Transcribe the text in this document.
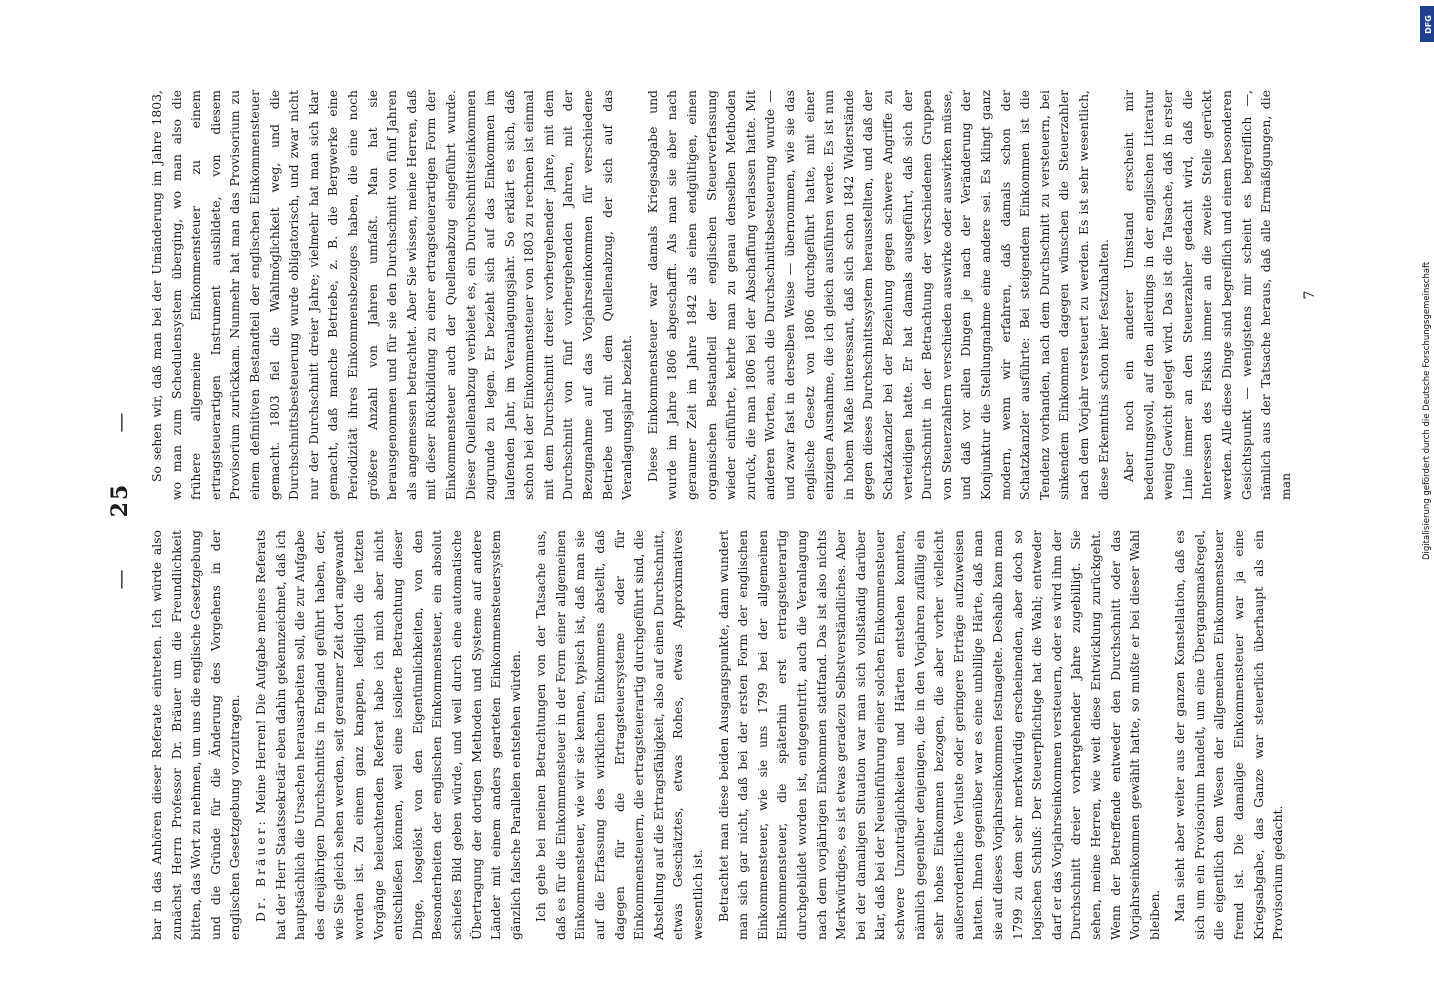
—      25      —

bar in das Anhören dieser Referate eintreten. Ich würde also zunächst Herrn Professor Dr. Bräuer um die Freundlichkeit bitten, das Wort zu nehmen, um uns die englische Gesetzgebung und die Gründe für die Änderung des Vorgehens in der englischen Gesetzgebung vorzutragen. Dr. Bräuer: Meine Herren! Die Aufgabe meines Referats hat der Herr Staatssekretär eben dahin gekennzeichnet, daß ich hauptsächlich die Ursachen herausarbeiten soll, die zur Aufgabe des dreijährigen Durchschnitts in England geführt haben, der, wie Sie gleich sehen werden, seit geraumer Zeit dort angewandt worden ist. Zu einem ganz knappen, lediglich die letzten Vorgänge beleuchtenden Referat habe ich mich aber nicht entschließen können, weil eine isolierte Betrachtung dieser Dinge, losgelöst von den Eigentümlichkeiten, von den Besonderheiten der englischen Einkommensteuer, ein absolut schiefes Bild geben würde, und weil durch eine automatische Übertragung der dortigen Methoden und Systeme auf andere Länder mit einem anders gearteten Einkommensteuersystem gänzlich falsche Parallelen entstehen würden. Ich gehe bei meinen Betrachtungen von der Tatsache aus, daß es für die Einkommensteuer in der Form einer allgemeinen Einkommensteuer, wie wir sie kennen, typisch ist, daß man sie auf die Erfassung des wirklichen Einkommens abstellt, daß dagegen für die Ertragsteuersysteme oder für Einkommensteuern, die ertragsteuerartig durchgeführt sind, die Abstellung auf die Ertragsfähigkeit, also auf einen Durchschnitt, etwas Geschätztes, etwas Rohes, etwas Approximatives wesentlich ist. Betrachtet man diese beiden Ausgangspunkte, dann wundert man sich gar nicht, daß bei der ersten Form der englischen Einkommensteuer, wie sie uns 1799 bei der allgemeinen Einkommensteuer, die späterhin erst ertragsteuerartig durchgebildet worden ist, entgegentritt, auch die Veranlagung nach dem vorjährigen Einkommen stattfand. Das ist also nichts Merkwürdiges, es ist etwas geradezu Selbstverständliches. Aber bei der damaligen Situation war man sich vollständig darüber klar, daß bei der Neueinführung einer solchen Einkommensteuer schwere Unzuträglichkeiten und Härten entstehen konnten, nämlich gegenüber denjenigen, die in den Vorjahren zufällig ein sehr hohes Einkommen bezogen, die aber vorher vielleicht außerordentliche Verluste oder geringere Erträge aufzuweisen hatten. Ihnen gegenüber war es eine unbillige Härte, daß man sie auf dieses Vorjahrseinkommen festnagelte. Deshalb kam man 1799 zu dem sehr merkwürdig erscheinenden, aber doch so logischen Schluß: Der Steuerpflichtige hat die Wahl; entweder darf er das Vorjahrseinkommen versteuern, oder es wird ihm der Durchschnitt dreier vorhergehender Jahre zugebilligt. Sie sehen, meine Herren, wie weit diese Entwicklung zurückgeht. Wenn der Betreffende entweder den Durchschnitt oder das Vorjahrseinkommen gewählt hatte, so mußte er bei dieser Wahl bleiben. Man sieht aber weiter aus der ganzen Konstellation, daß es sich um ein Provisorium handelt, um eine Übergangsmaßregel, die eigentlich dem Wesen der allgemeinen Einkommensteuer fremd ist. Die damalige Einkommensteuer war ja eine Kriegsabgabe, das Ganze war steuerlich überhaupt als ein Provisorium gedacht.

So sehen wir, daß man bei der Umänderung im Jahre 1803, wo man zum Schedulensystem überging, wo man also die frühere allgemeine Einkommensteuer zu einem ertragsteuerartigen Instrument ausbildete, von diesem Provisorium zurückkam. Nunmehr hat man das Provisorium zu einem definitiven Bestandteil der englischen Einkommensteuer gemacht. 1803 fiel die Wahlmöglichkeit weg, und die Durchschnittsbesteuerung wurde obligatorisch, und zwar nicht nur der Durchschnitt dreier Jahre; vielmehr hat man sich klar gemacht, daß manche Betriebe, z. B. die Bergwerke eine Periodizität ihres Einkommensbezuges haben, die eine noch größere Anzahl von Jahren umfaßt. Man hat sie herausgenommen und für sie den Durchschnitt von fünf Jahren als angemessen betrachtet. Aber Sie wissen, meine Herren, daß mit dieser Rückbildung zu einer ertragsteuerartigen Form der Einkommensteuer auch der Quellenabzug eingeführt wurde. Dieser Quellenabzug verbietet es, ein Durchschnittseinkommen zugrunde zu legen. Er bezieht sich auf das Einkommen im laufenden Jahr, im Veranlagungsjahr. So erklärt es sich, daß schon bei der Einkommensteuer von 1803 zu rechnen ist einmal mit dem Durchschnitt dreier vorhergehender Jahre, mit dem Durchschnitt von fünf vorhergehenden Jahren, mit der Bezugnahme auf das Vorjahrseinkommen für verschiedene Betriebe und mit dem Quellenabzug, der sich auf das Veranlagungsjahr bezieht. Diese Einkommensteuer war damals Kriegsabgabe und wurde im Jahre 1806 abgeschafft. Als man sie aber nach geraumer Zeit im Jahre 1842 als einen endgültigen, einen organischen Bestandteil der englischen Steuerverfassung wieder einführte, kehrte man zu genau denselben Methoden zurück, die man 1806 bei der Abschaffung verlassen hatte. Mit anderen Worten, auch die Durchschnittsbesteuerung wurde — und zwar fast in derselben Weise — übernommen, wie sie das englische Gesetz von 1806 durchgeführt hatte, mit einer einzigen Ausnahme, die ich gleich ausführen werde. Es ist nun in hohem Maße interessant, daß sich schon 1842 Widerstände gegen dieses Durchschnittssystem herausstellten, und daß der Schatzkanzler bei der Beziehung gegen schwere Angriffe zu verteidigen hatte. Er hat damals ausgeführt, daß sich der Durchschnitt in der Betrachtung der verschiedenen Gruppen von Steuerzahlern verschieden auswirke oder auswirken müsse, und daß vor allen Dingen je nach der Veränderung der Konjunktur die Stellungnahme eine andere sei. Es klingt ganz modern, wenn wir erfahren, daß damals schon der Schatzkanzler ausführte: Bei steigendem Einkommen ist die Tendenz vorhanden, nach dem Durchschnitt zu versteuern, bei sinkendem Einkommen dagegen wünschen die Steuerzahler nach dem Vorjahr versteuert zu werden. Es ist sehr wesentlich, diese Erkenntnis schon hier festzuhalten. Aber noch ein anderer Umstand erscheint mir bedeutungsvoll, auf den allerdings in der englischen Literatur wenig Gewicht gelegt wird. Das ist die Tatsache, daß in erster Linie immer an den Steuerzahler gedacht wird, daß die Interessen des Fiskus immer an die zweite Stelle gerückt werden. Alle diese Dinge sind begreiflich und einem besonderen Gesichtspunkt — wenigstens mir scheint es begreiflich —, nämlich aus der Tatsache heraus, daß alle Ermäßigungen, die man

7
DFG
Digitalisierung gefördert durch die Deutsche Forschungsgemeinschaft
